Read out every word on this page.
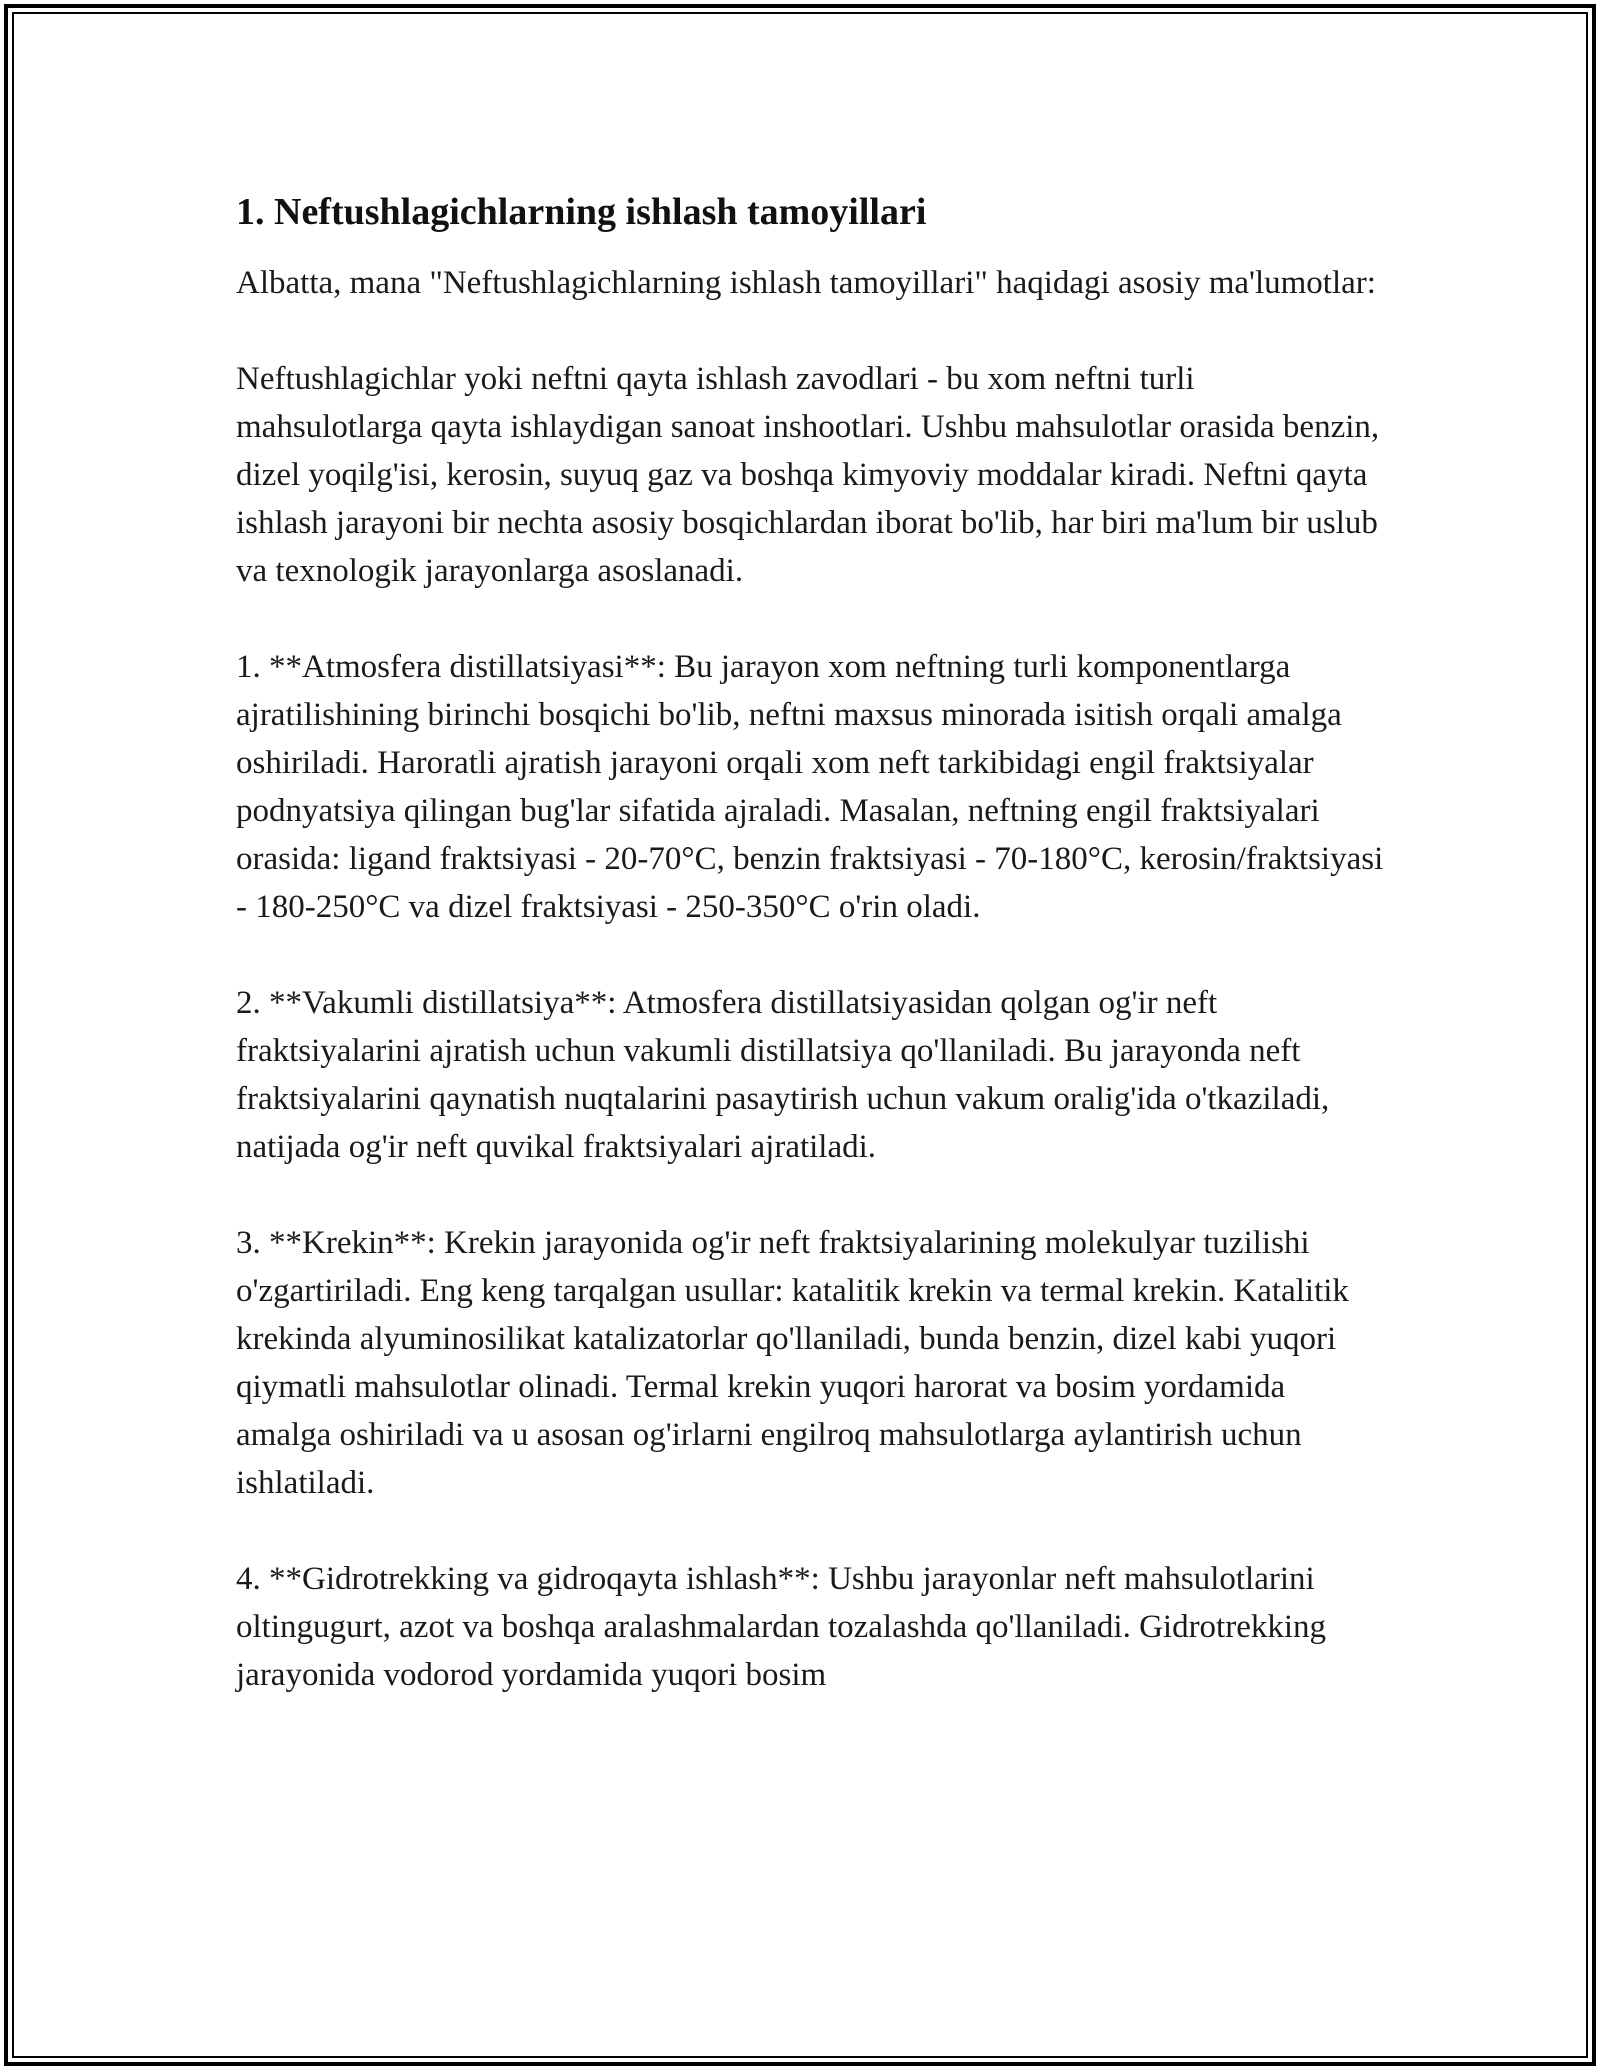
1. Neftushlagichlarning ishlash tamoyillari

Albatta, mana "Neftushlagichlarning ishlash tamoyillari" haqidagi asosiy ma'lumotlar:

Neftushlagichlar yoki neftni qayta ishlash zavodlari - bu xom neftni turli mahsulotlarga qayta ishlaydigan sanoat inshootlari. Ushbu mahsulotlar orasida benzin, dizel yoqilg'isi, kerosin, suyuq gaz va boshqa kimyoviy moddalar kiradi. Neftni qayta ishlash jarayoni bir nechta asosiy bosqichlardan iborat bo'lib, har biri ma'lum bir uslub va texnologik jarayonlarga asoslanadi.

1. **Atmosfera distillatsiyasi**: Bu jarayon xom neftning turli komponentlarga ajratilishining birinchi bosqichi bo'lib, neftni maxsus minorada isitish orqali amalga oshiriladi. Haroratli ajratish jarayoni orqali xom neft tarkibidagi engil fraktsiyalar podnyatsiya qilingan bug'lar sifatida ajraladi. Masalan, neftning engil fraktsiyalari orasida: ligand fraktsiyasi - 20-70°C, benzin fraktsiyasi - 70-180°C, kerosin/fraktsiyasi - 180-250°C va dizel fraktsiyasi - 250-350°C o'rin oladi.

2. **Vakumli distillatsiya**: Atmosfera distillatsiyasidan qolgan og'ir neft fraktsiyalarini ajratish uchun vakumli distillatsiya qo'llaniladi. Bu jarayonda neft fraktsiyalarini qaynatish nuqtalarini pasaytirish uchun vakum oralig'ida o'tkaziladi, natijada og'ir neft quvikal fraktsiyalari ajratiladi.

3. **Krekin**: Krekin jarayonida og'ir neft fraktsiyalarining molekulyar tuzilishi o'zgartiriladi. Eng keng tarqalgan usullar: katalitik krekin va termal krekin. Katalitik krekinda alyuminosilikat katalizatorlar qo'llaniladi, bunda benzin, dizel kabi yuqori qiymatli mahsulotlar olinadi. Termal krekin yuqori harorat va bosim yordamida amalga oshiriladi va u asosan og'irlarni engilroq mahsulotlarga aylantirish uchun ishlatiladi.

4. **Gidrotrekking va gidroqayta ishlash**: Ushbu jarayonlar neft mahsulotlarini oltingugurt, azot va boshqa aralashmalardan tozalashda qo'llaniladi. Gidrotrekking jarayonida vodorod yordamida yuqori bosim
